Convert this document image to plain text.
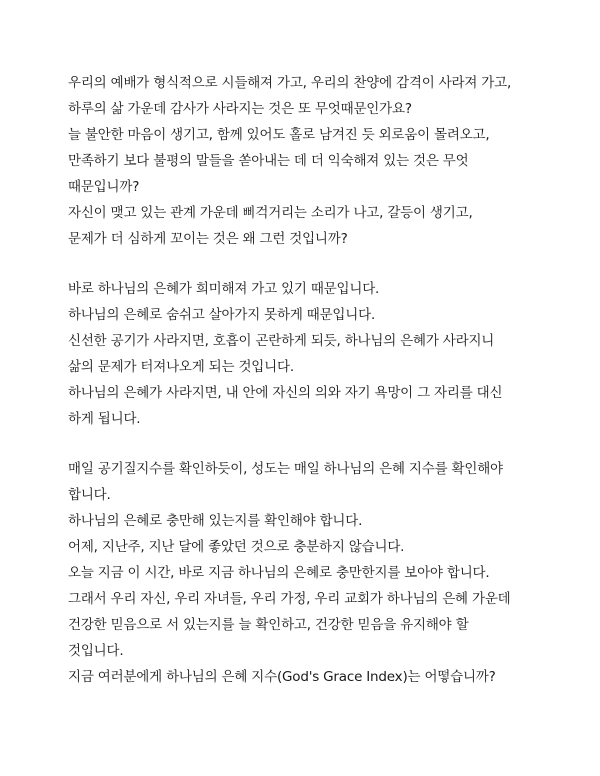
우리의 예배가 형식적으로 시들해져 가고, 우리의 찬양에 감격이 사라져 가고,
하루의 삶 가운데 감사가 사라지는 것은 또 무엇때문인가요?
늘 불안한 마음이 생기고, 함께 있어도 홀로 남겨진 듯 외로움이 몰려오고,
만족하기 보다 불평의 말들을 쏟아내는 데 더 익숙해져 있는 것은 무엇
때문입니까?
자신이 맺고 있는 관계 가운데 삐걱거리는 소리가 나고, 갈등이 생기고,
문제가 더 심하게 꼬이는 것은 왜 그런 것입니까?
바로 하나님의 은혜가 희미해져 가고 있기 때문입니다.
하나님의 은혜로 숨쉬고 살아가지 못하게 때문입니다.
신선한 공기가 사라지면, 호흡이 곤란하게 되듯, 하나님의 은혜가 사라지니
삶의 문제가 터져나오게 되는 것입니다.
하나님의 은혜가 사라지면, 내 안에 자신의 의와 자기 욕망이 그 자리를 대신
하게 됩니다.
매일 공기질지수를 확인하듯이, 성도는 매일 하나님의 은혜 지수를 확인해야
합니다.
하나님의 은혜로 충만해 있는지를 확인해야 합니다.
어제, 지난주, 지난 달에 좋았던 것으로 충분하지 않습니다.
오늘 지금 이 시간, 바로 지금 하나님의 은혜로 충만한지를 보아야 합니다.
그래서 우리 자신, 우리 자녀들, 우리 가정, 우리 교회가 하나님의 은혜 가운데
건강한 믿음으로 서 있는지를 늘 확인하고, 건강한 믿음을 유지해야 할
것입니다.
지금 여러분에게 하나님의 은혜 지수(God's Grace Index)는 어떻습니까?
